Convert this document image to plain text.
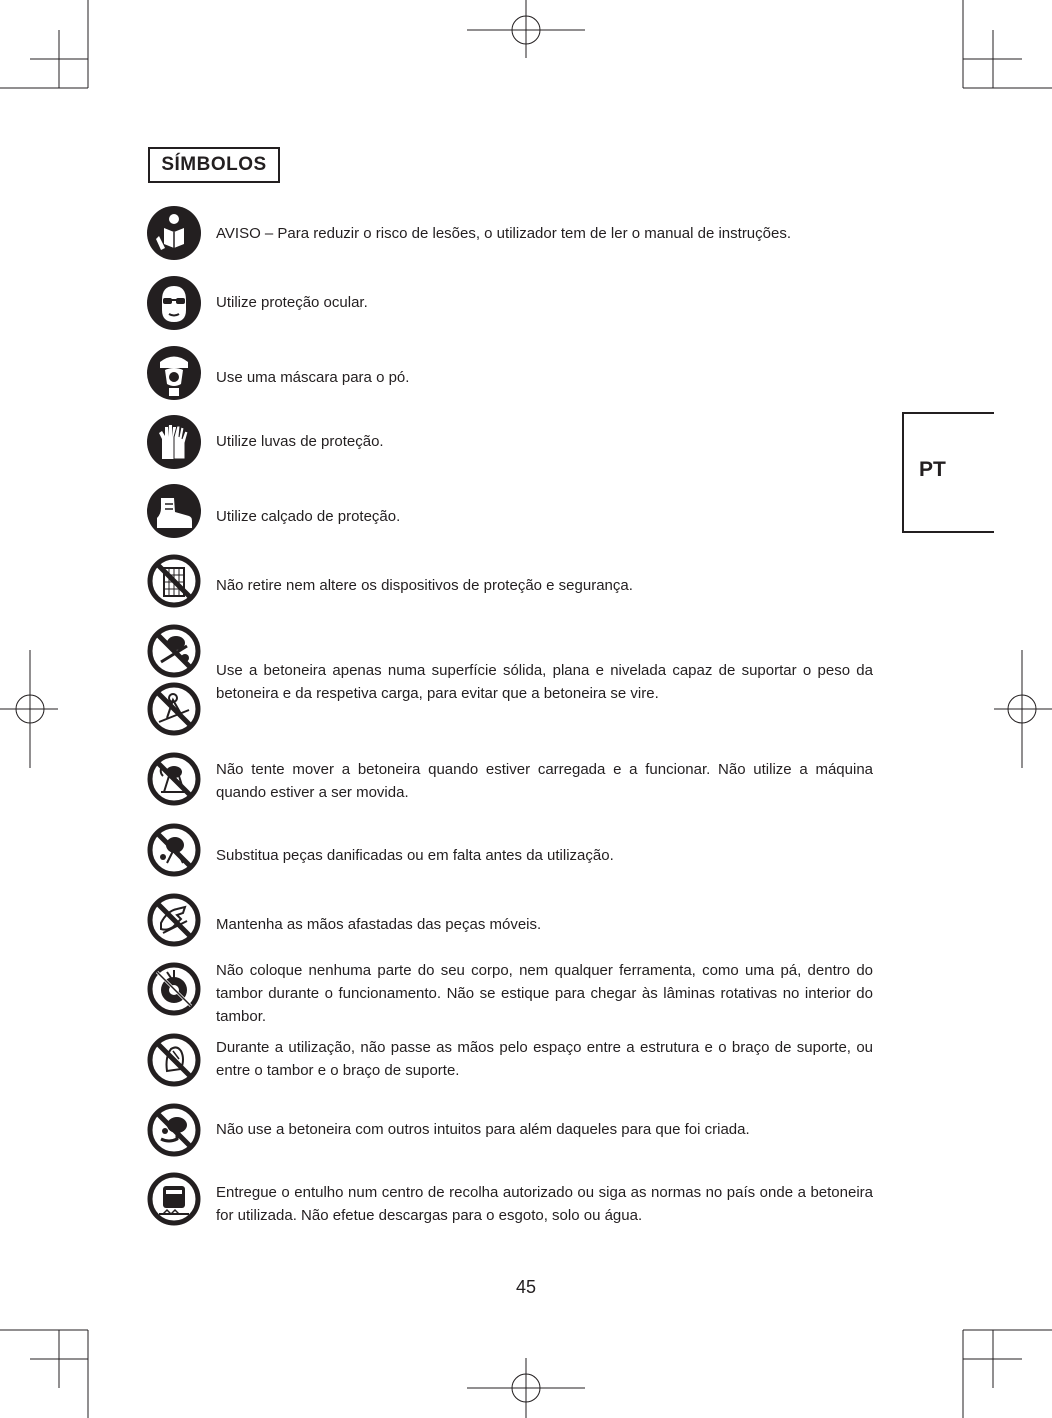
SÍMBOLOS
PT
AVISO – Para reduzir o risco de lesões, o utilizador tem de ler o manual de instruções.
Utilize proteção ocular.
Use uma máscara para o pó.
Utilize luvas de proteção.
Utilize calçado de proteção.
Não retire nem altere os dispositivos de proteção e segurança.
Use a betoneira apenas numa superfície sólida, plana e nivelada capaz de suportar o peso da betoneira e da respetiva carga, para evitar que a betoneira se vire.
Não tente mover a betoneira quando estiver carregada e a funcionar. Não utilize a máquina quando estiver a ser movida.
Substitua peças danificadas ou em falta antes da utilização.
Mantenha as mãos afastadas das peças móveis.
Não coloque nenhuma parte do seu corpo, nem qualquer ferramenta, como uma pá, dentro do tambor durante o funcionamento. Não se estique para chegar às lâminas rotativas no interior do tambor.
Durante a utilização, não passe as mãos pelo espaço entre a estrutura e o braço de suporte, ou entre o tambor e o braço de suporte.
Não use a betoneira com outros intuitos para além daqueles para que foi criada.
Entregue o entulho num centro de recolha autorizado ou siga as normas no país onde a betoneira for utilizada. Não efetue descargas para o esgoto, solo ou água.
45
